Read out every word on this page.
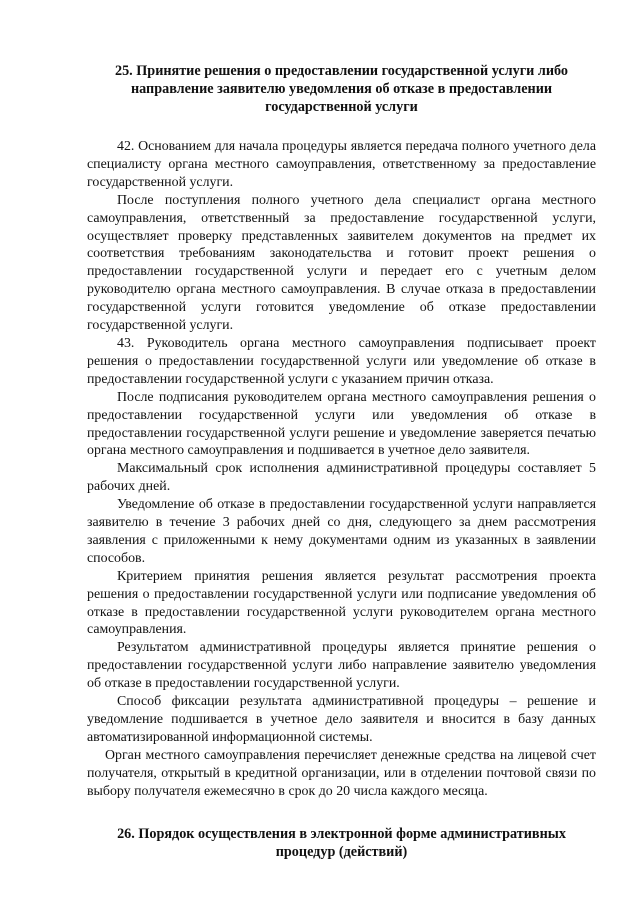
25. Принятие решения о предоставлении государственной услуги либо направление заявителю уведомления об отказе в предоставлении государственной услуги

42. Основанием для начала процедуры является передача полного учетного дела специалисту органа местного самоуправления, ответственному за предоставление государственной услуги.

После поступления полного учетного дела специалист органа местного самоуправления, ответственный за предоставление государственной услуги, осуществляет проверку представленных заявителем документов на предмет их соответствия требованиям законодательства и готовит проект решения о предоставлении государственной услуги и передает его с учетным делом руководителю органа местного самоуправления. В случае отказа в предоставлении государственной услуги готовится уведомление об отказе предоставлении государственной услуги.

43. Руководитель органа местного самоуправления подписывает проект решения о предоставлении государственной услуги или уведомление об отказе в предоставлении государственной услуги с указанием причин отказа.

После подписания руководителем органа местного самоуправления решения о предоставлении государственной услуги или уведомления об отказе в предоставлении государственной услуги решение и уведомление заверяется печатью органа местного самоуправления и подшивается в учетное дело заявителя.

Максимальный срок исполнения административной процедуры составляет 5 рабочих дней.

Уведомление об отказе в предоставлении государственной услуги направляется заявителю в течение 3 рабочих дней со дня, следующего за днем рассмотрения заявления с приложенными к нему документами одним из указанных в заявлении способов.

Критерием принятия решения является результат рассмотрения проекта решения о предоставлении государственной услуги или подписание уведомления об отказе в предоставлении государственной услуги руководителем органа местного самоуправления.

Результатом административной процедуры является принятие решения о предоставлении государственной услуги либо направление заявителю уведомления об отказе в предоставлении государственной услуги.

Способ фиксации результата административной процедуры – решение и уведомление подшивается в учетное дело заявителя и вносится в базу данных автоматизированной информационной системы.

Орган местного самоуправления перечисляет денежные средства на лицевой счет получателя, открытый в кредитной организации, или в отделении почтовой связи по выбору получателя ежемесячно в срок до 20 числа каждого месяца.

26. Порядок осуществления в электронной форме административных процедур (действий)
